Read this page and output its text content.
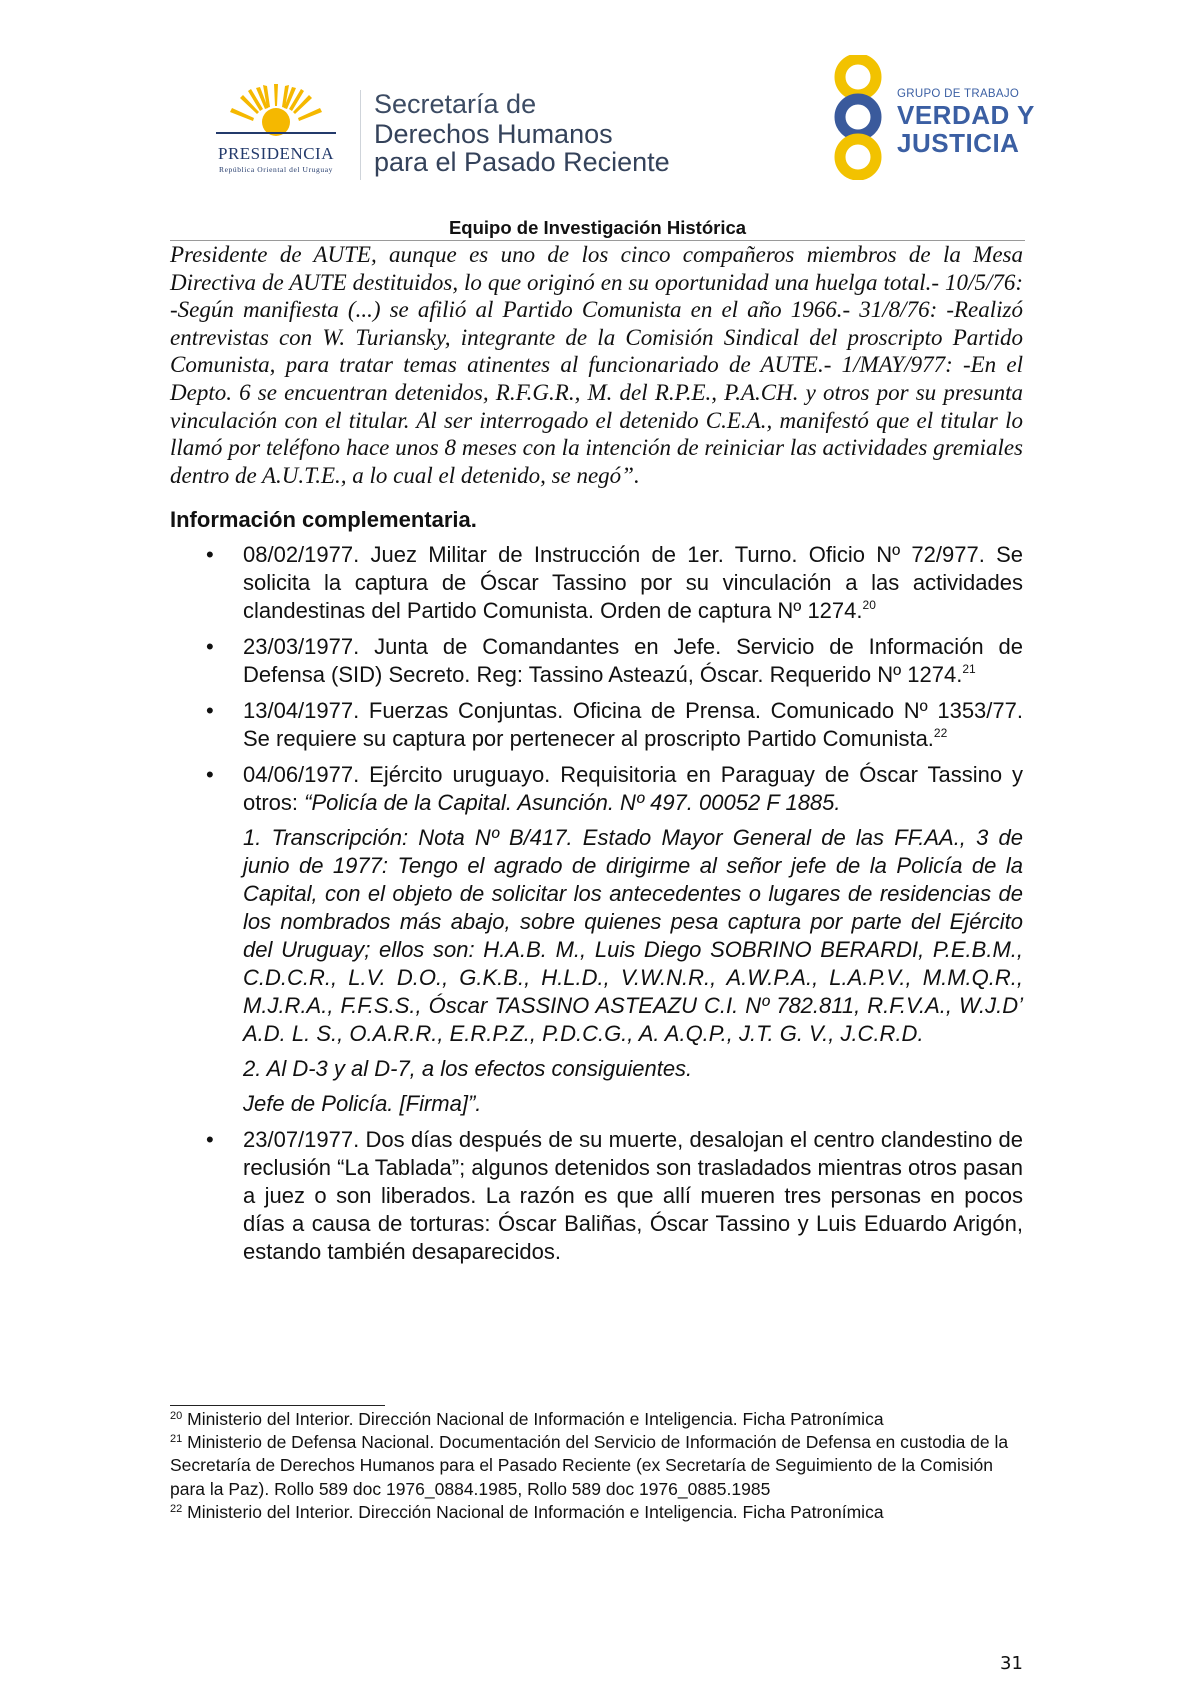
PRESIDENCIA
República Oriental del Uruguay
Secretaría de
Derechos Humanos
para el Pasado Reciente
GRUPO DE TRABAJO
VERDAD Y
JUSTICIA
Equipo de Investigación Histórica
Presidente de AUTE, aunque es uno de los cinco compañeros miembros de la Mesa Directiva de AUTE destituidos, lo que originó en su oportunidad una huelga total.- 10/5/76: -Según manifiesta (...) se afilió al Partido Comunista en el año 1966.- 31/8/76: -Realizó entrevistas con W. Turiansky, integrante de la Comisión Sindical del proscripto Partido Comunista, para tratar temas atinentes al funcionariado de AUTE.- 1/MAY/977: -En el Depto. 6 se encuentran detenidos, R.F.G.R., M. del R.P.E., P.A.CH. y otros por su presunta vinculación con el titular. Al ser interrogado el detenido C.E.A., manifestó que el titular lo llamó por teléfono hace unos 8 meses con la intención de reiniciar las actividades gremiales dentro de A.U.T.E., a lo cual el detenido, se negó”.
Información complementaria.
• 08/02/1977. Juez Militar de Instrucción de 1er. Turno. Oficio Nº 72/977. Se solicita la captura de Óscar Tassino por su vinculación a las actividades clandestinas del Partido Comunista. Orden de captura Nº 1274.20
• 23/03/1977. Junta de Comandantes en Jefe. Servicio de Información de Defensa (SID) Secreto. Reg: Tassino Asteazú, Óscar. Requerido Nº 1274.21
• 13/04/1977. Fuerzas Conjuntas. Oficina de Prensa. Comunicado Nº 1353/77. Se requiere su captura por pertenecer al proscripto Partido Comunista.$^{22}$
• 04/06/1977. Ejército uruguayo. Requisitoria en Paraguay de Óscar Tassino y otros: “Policía de la Capital. Asunción. Nº 497. 00052 F 1885.
1. Transcripción: Nota Nº B/417. Estado Mayor General de las FF.AA., 3 de junio de 1977: Tengo el agrado de dirigirme al señor jefe de la Policía de la Capital, con el objeto de solicitar los antecedentes o lugares de residencias de los nombrados más abajo, sobre quienes pesa captura por parte del Ejército del Uruguay; ellos son: H.A.B. M., Luis Diego SOBRINO BERARDI, P.E.B.M., C.D.C.R., L.V. D.O., G.K.B., H.L.D., V.W.N.R., A.W.P.A., L.A.P.V., M.M.Q.R., M.J.R.A., F.F.S.S., Óscar TASSINO ASTEAZU C.I. Nº 782.811, R.F.V.A., W.J.D’ A.D. L. S., O.A.R.R., E.R.P.Z., P.D.C.G., A. A.Q.P., J.T. G. V., J.C.R.D.
2. Al D-3 y al D-7, a los efectos consiguientes.
Jefe de Policía. [Firma]”.
• 23/07/1977. Dos días después de su muerte, desalojan el centro clandestino de reclusión “La Tablada”; algunos detenidos son trasladados mientras otros pasan a juez o son liberados. La razón es que allí mueren tres personas en pocos días a causa de torturas: Óscar Baliñas, Óscar Tassino y Luis Eduardo Arigón, estando también desaparecidos.
$^{20}$ Ministerio del Interior. Dirección Nacional de Información e Inteligencia. Ficha Patronímica
$^{21}$ Ministerio de Defensa Nacional. Documentación del Servicio de Información de Defensa en custodia de la Secretaría de Derechos Humanos para el Pasado Reciente (ex Secretaría de Seguimiento de la Comisión para la Paz). Rollo 589 doc 1976_0884.1985, Rollo 589 doc 1976_0885.1985
$^{22}$ Ministerio del Interior. Dirección Nacional de Información e Inteligencia. Ficha Patronímica
31
